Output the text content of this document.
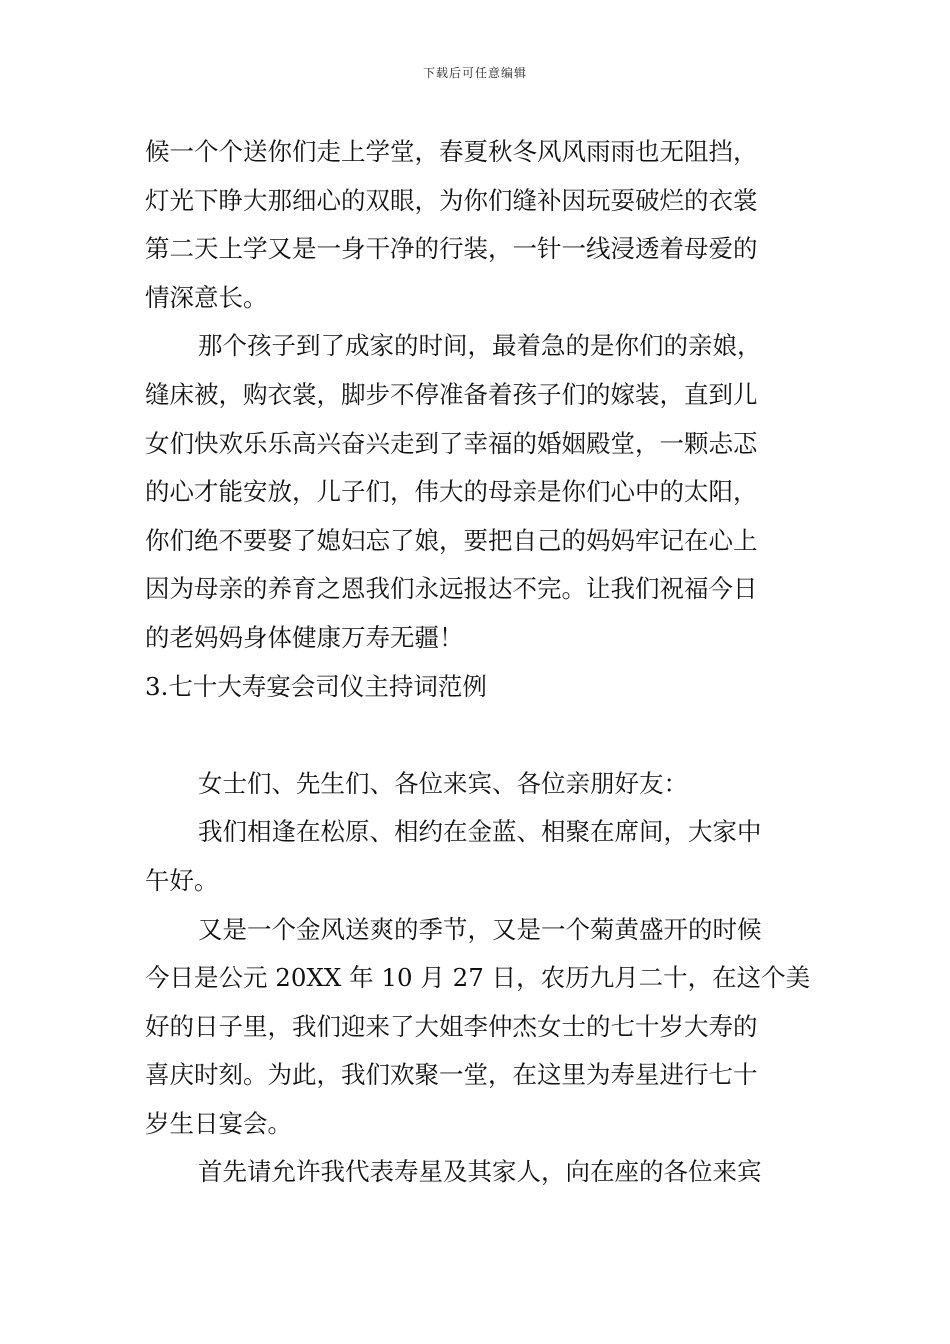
下载后可任意编辑
候一个个送你们走上学堂，春夏秋冬风风雨雨也无阻挡，
灯光下睁大那细心的双眼，为你们缝补因玩耍破烂的衣裳
第二天上学又是一身干净的行装，一针一线浸透着母爱的
情深意长。
那个孩子到了成家的时间，最着急的是你们的亲娘，
缝床被，购衣裳，脚步不停准备着孩子们的嫁装，直到儿
女们快欢乐乐高兴奋兴走到了幸福的婚姻殿堂，一颗忐忑
的心才能安放，儿子们，伟大的母亲是你们心中的太阳，
你们绝不要娶了媳妇忘了娘，要把自己的妈妈牢记在心上
因为母亲的养育之恩我们永远报达不完。让我们祝福今日
的老妈妈身体健康万寿无疆！
3.七十大寿宴会司仪主持词范例
女士们、先生们、各位来宾、各位亲朋好友：
我们相逢在松原、相约在金蓝、相聚在席间，大家中
午好。
又是一个金风送爽的季节，又是一个菊黄盛开的时候
今日是公元 20XX 年 10 月 27 日，农历九月二十，在这个美
好的日子里，我们迎来了大姐李仲杰女士的七十岁大寿的
喜庆时刻。为此，我们欢聚一堂，在这里为寿星进行七十
岁生日宴会。
首先请允许我代表寿星及其家人，向在座的各位来宾
